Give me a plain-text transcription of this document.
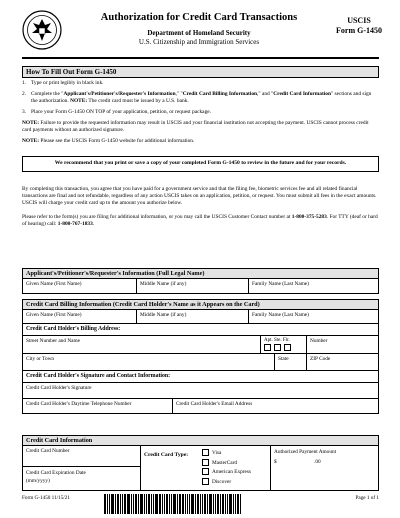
Authorization for Credit Card Transactions
Department of Homeland Security
U.S. Citizenship and Immigration Services
USCIS
Form G-1450
How To Fill Out Form G-1450
1. Type or print legibly in black ink.
2. Complete the "Applicant's/Petitioner's/Requester's Information," "Credit Card Billing Information," and "Credit Card Information" sections and sign the authorization. NOTE: The credit card must be issued by a U.S. bank.
3. Place your Form G-1450 ON TOP of your application, petition, or request package.

NOTE: Failure to provide the requested information may result in USCIS and your financial institution not accepting the payment. USCIS cannot process credit card payments without an authorized signature.

NOTE: Please see the USCIS Form G-1450 website for additional information.

We recommend that you print or save a copy of your completed Form G-1450 to review in the future and for your records.
By completing this transaction, you agree that you have paid for a government service and that the filing fee, biometric services fee and all related financial transactions are final and not refundable, regardless of any action USCIS takes on an application, petition, or request. You must submit all fees in the exact amounts. USCIS will charge your credit card up to the amount you authorize below.
Please refer to the form(s) you are filing for additional information, or you may call the USCIS Customer Contact number at 1-800-375-5283. For TTY (deaf or hard of hearing) call: 1-800-767-1833.
Applicant's/Petitioner's/Requester's Information (Full Legal Name)
Given Name (First Name)	Middle Name (if any)	Family Name (Last Name)
Credit Card Billing Information (Credit Card Holder's Name as it Appears on the Card)
Given Name (First Name)	Middle Name (if any)	Family Name (Last Name)
Credit Card Holder's Billing Address:
Street Number and Name	Apt. Ste. Flr.	Number
City or Town	State	ZIP Code
Credit Card Holder's Signature and Contact Information:
Credit Card Holder's Signature
Credit Card Holder's Daytime Telephone Number	Credit Card Holder's Email Address
Credit Card Information
Credit Card Number
Credit Card Expiration Date
(mm/yyyy)
Credit Card Type:	Visa
MasterCard
American Express
Discover
Authorized Payment Amount
$	.00
Form G-1450 11/15/21	Page 1 of 1
